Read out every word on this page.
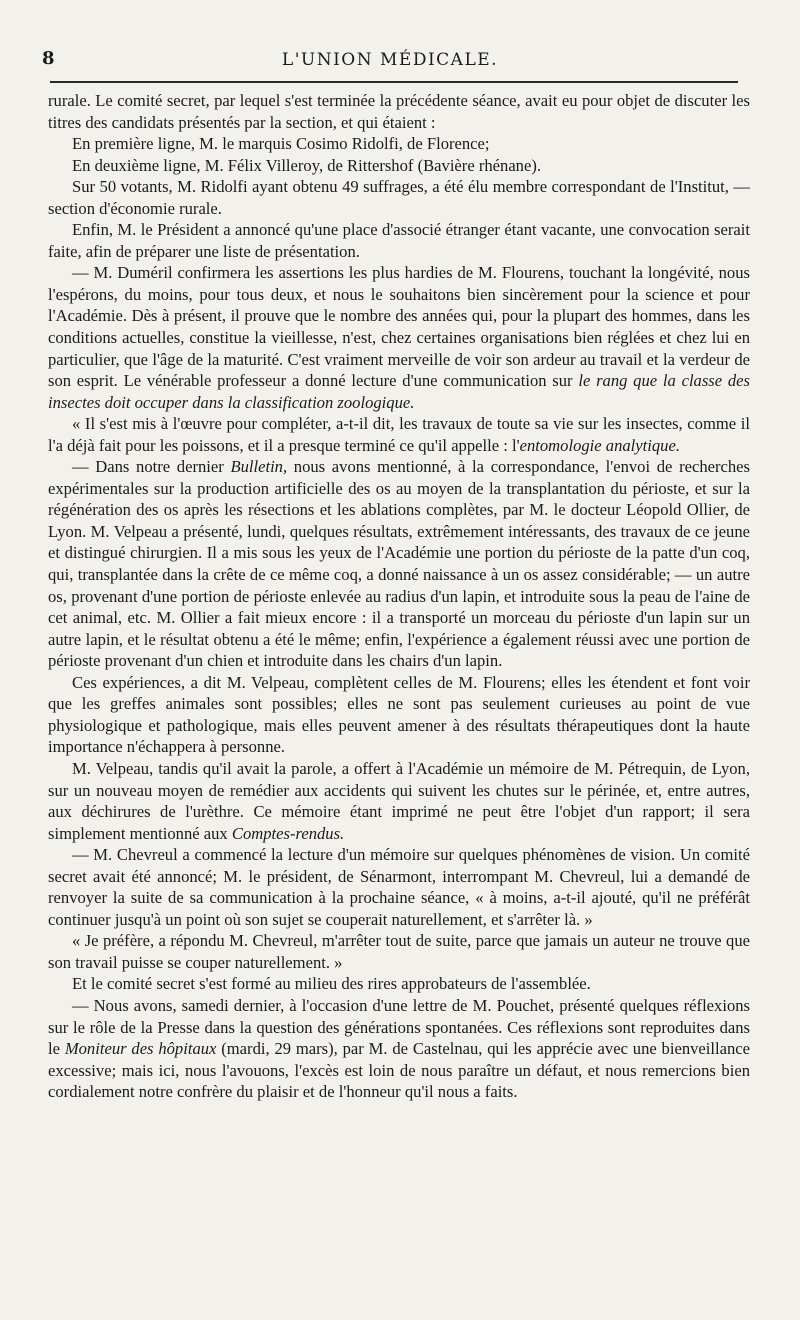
8	L'UNION MÉDICALE.

rurale. Le comité secret, par lequel s'est terminée la précédente séance, avait eu pour objet de discuter les titres des candidats présentés par la section, et qui étaient :

En première ligne, M. le marquis Cosimo Ridolfi, de Florence;

En deuxième ligne, M. Félix Villeroy, de Rittershof (Bavière rhénane).

Sur 50 votants, M. Ridolfi ayant obtenu 49 suffrages, a été élu membre correspondant de l'Institut, — section d'économie rurale.

Enfin, M. le Président a annoncé qu'une place d'associé étranger étant vacante, une convocation serait faite, afin de préparer une liste de présentation.

— M. Duméril confirmera les assertions les plus hardies de M. Flourens, touchant la longévité, nous l'espérons, du moins, pour tous deux, et nous le souhaitons bien sincèrement pour la science et pour l'Académie. Dès à présent, il prouve que le nombre des années qui, pour la plupart des hommes, dans les conditions actuelles, constitue la vieillesse, n'est, chez certaines organisations bien réglées et chez lui en particulier, que l'âge de la maturité. C'est vraiment merveille de voir son ardeur au travail et la verdeur de son esprit. Le vénérable professeur a donné lecture d'une communication sur le rang que la classe des insectes doit occuper dans la classification zoologique.

« Il s'est mis à l'œuvre pour compléter, a-t-il dit, les travaux de toute sa vie sur les insectes, comme il l'a déjà fait pour les poissons, et il a presque terminé ce qu'il appelle : l'entomologie analytique.

— Dans notre dernier Bulletin, nous avons mentionné, à la correspondance, l'envoi de recherches expérimentales sur la production artificielle des os au moyen de la transplantation du périoste, et sur la régénération des os après les résections et les ablations complètes, par M. le docteur Léopold Ollier, de Lyon. M. Velpeau a présenté, lundi, quelques résultats, extrêmement intéressants, des travaux de ce jeune et distingué chirurgien. Il a mis sous les yeux de l'Académie une portion du périoste de la patte d'un coq, qui, transplantée dans la crête de ce même coq, a donné naissance à un os assez considérable; — un autre os, provenant d'une portion de périoste enlevée au radius d'un lapin, et introduite sous la peau de l'aine de cet animal, etc. M. Ollier a fait mieux encore : il a transporté un morceau du périoste d'un lapin sur un autre lapin, et le résultat obtenu a été le même; enfin, l'expérience a également réussi avec une portion de périoste provenant d'un chien et introduite dans les chairs d'un lapin.

Ces expériences, a dit M. Velpeau, complètent celles de M. Flourens; elles les étendent et font voir que les greffes animales sont possibles; elles ne sont pas seulement curieuses au point de vue physiologique et pathologique, mais elles peuvent amener à des résultats thérapeutiques dont la haute importance n'échappera à personne.

M. Velpeau, tandis qu'il avait la parole, a offert à l'Académie un mémoire de M. Pétrequin, de Lyon, sur un nouveau moyen de remédier aux accidents qui suivent les chutes sur le périnée, et, entre autres, aux déchirures de l'urèthre. Ce mémoire étant imprimé ne peut être l'objet d'un rapport; il sera simplement mentionné aux Comptes-rendus.

— M. Chevreul a commencé la lecture d'un mémoire sur quelques phénomènes de vision. Un comité secret avait été annoncé; M. le président, de Sénarmont, interrompant M. Chevreul, lui a demandé de renvoyer la suite de sa communication à la prochaine séance, « à moins, a-t-il ajouté, qu'il ne préférât continuer jusqu'à un point où son sujet se couperait naturellement, et s'arrêter là. »

« Je préfère, a répondu M. Chevreul, m'arrêter tout de suite, parce que jamais un auteur ne trouve que son travail puisse se couper naturellement. »

Et le comité secret s'est formé au milieu des rires approbateurs de l'assemblée.

— Nous avons, samedi dernier, à l'occasion d'une lettre de M. Pouchet, présenté quelques réflexions sur le rôle de la Presse dans la question des générations spontanées. Ces réflexions sont reproduites dans le Moniteur des hôpitaux (mardi, 29 mars), par M. de Castelnau, qui les apprécie avec une bienveillance excessive; mais ici, nous l'avouons, l'excès est loin de nous paraître un défaut, et nous remercions bien cordialement notre confrère du plaisir et de l'honneur qu'il nous a faits.
